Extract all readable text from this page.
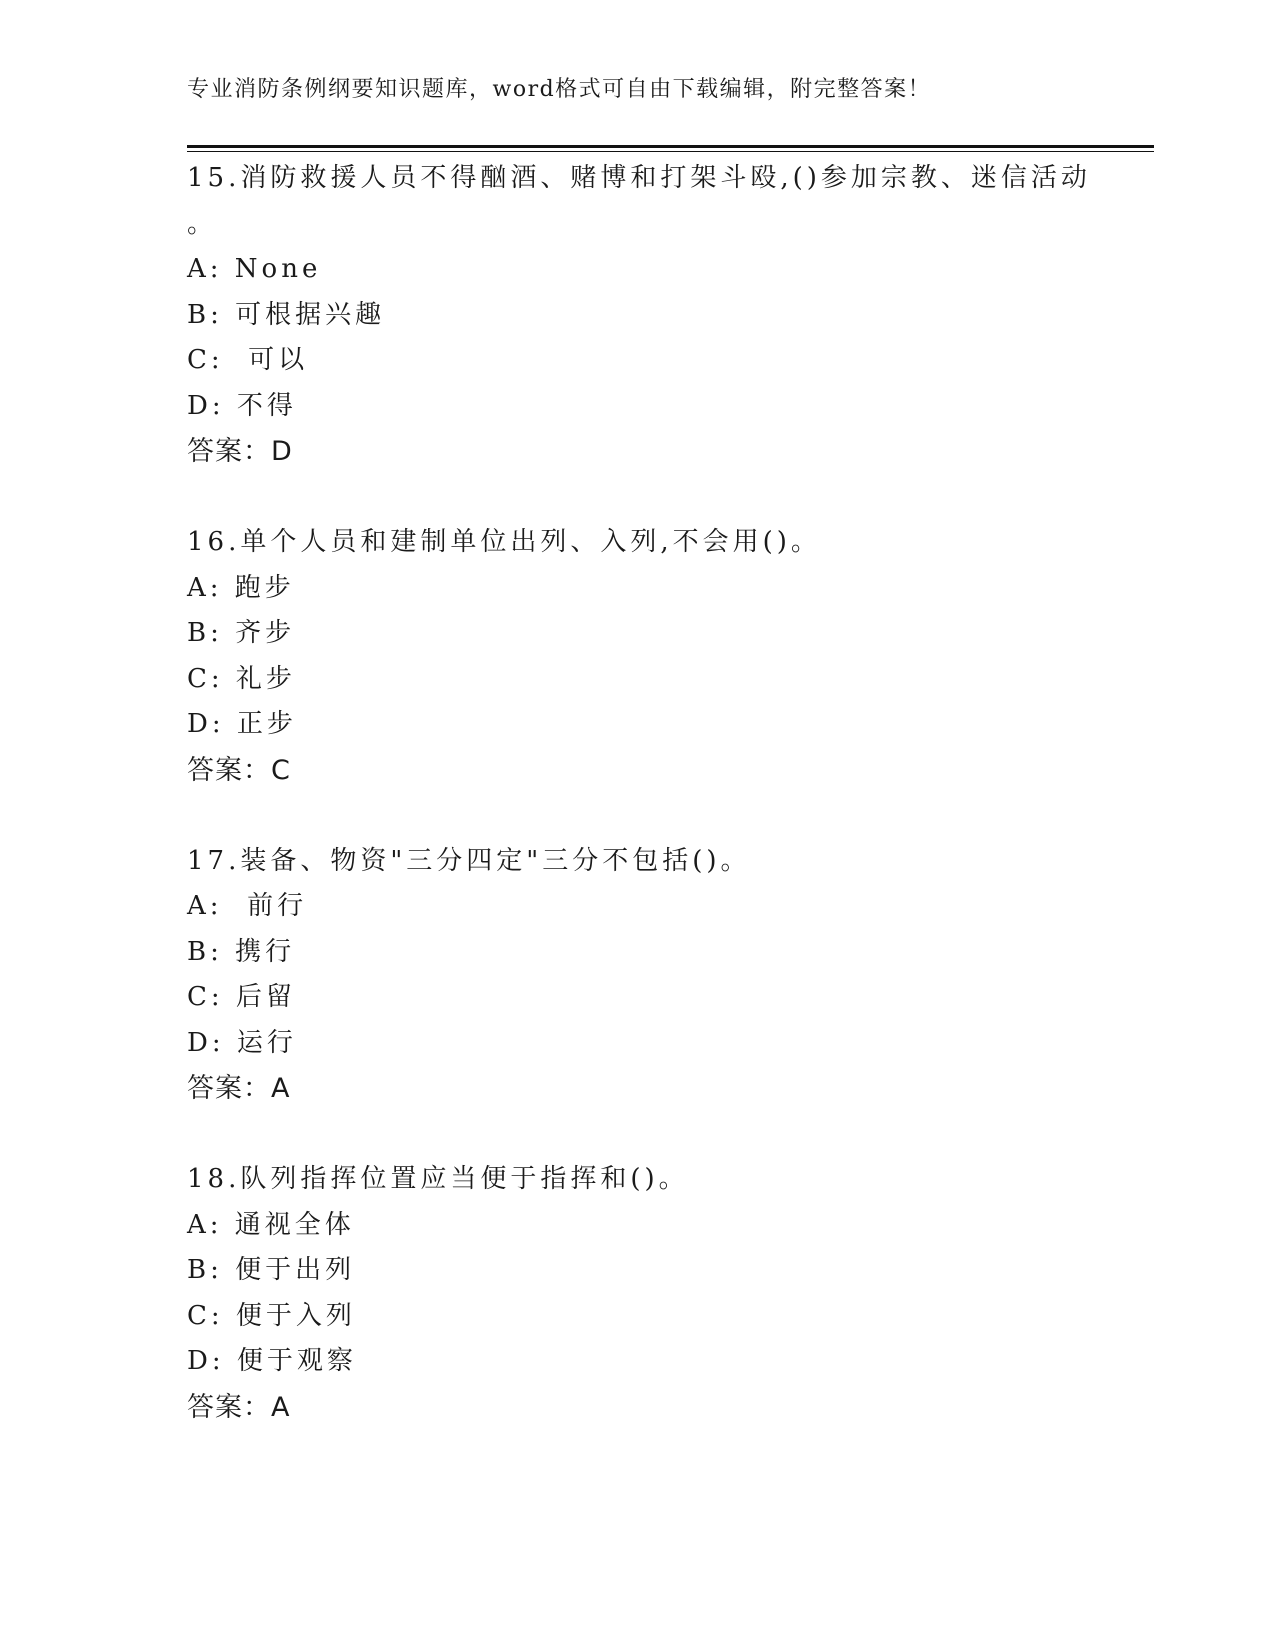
专业消防条例纲要知识题库，word格式可自由下载编辑，附完整答案！

15.消防救援人员不得酗酒、赌博和打架斗殴,()参加宗教、迷信活动

。

A: None

B: 可根据兴趣

C:  可以

D: 不得

答案：D

16.单个人员和建制单位出列、入列,不会用()。

A: 跑步

B: 齐步

C: 礼步

D: 正步

答案：C

17.装备、物资"三分四定"三分不包括()。

A:  前行

B: 携行

C: 后留

D: 运行

答案：A

18.队列指挥位置应当便于指挥和()。

A: 通视全体

B: 便于出列

C: 便于入列

D: 便于观察

答案：A
